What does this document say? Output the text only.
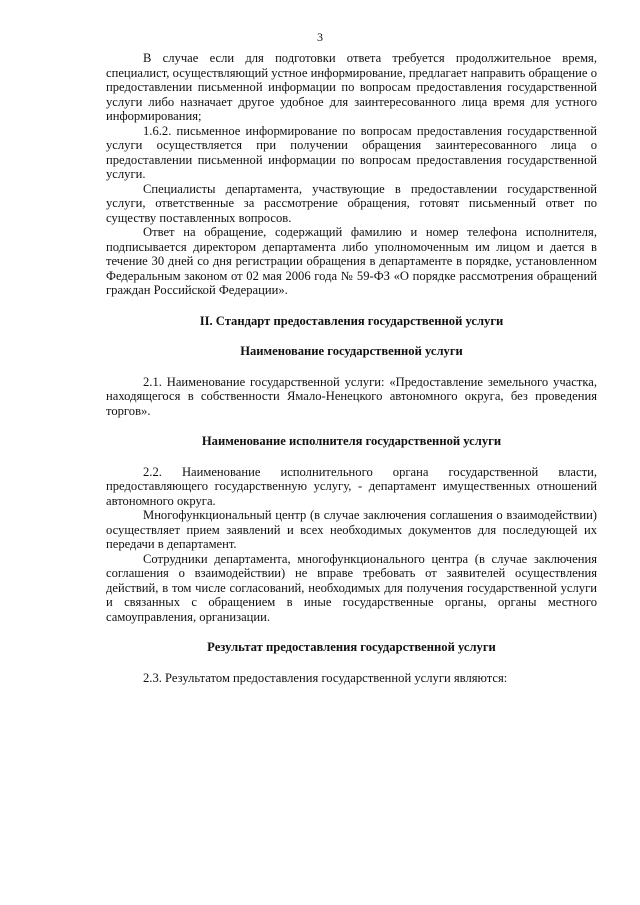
3

В случае если для подготовки ответа требуется продолжительное время, специалист, осуществляющий устное информирование, предлагает направить обращение о предоставлении письменной информации по вопросам предоставления государственной услуги либо назначает другое удобное для заинтересованного лица время для устного информирования;

1.6.2. письменное информирование по вопросам предоставления государственной услуги осуществляется при получении обращения заинтересованного лица о предоставлении письменной информации по вопросам предоставления государственной услуги.

Специалисты департамента, участвующие в предоставлении государственной услуги, ответственные за рассмотрение обращения, готовят письменный ответ по существу поставленных вопросов.

Ответ на обращение, содержащий фамилию и номер телефона исполнителя, подписывается директором департамента либо уполномоченным им лицом и дается в течение 30 дней со дня регистрации обращения в департаменте в порядке, установленном Федеральным законом от 02 мая 2006 года № 59-ФЗ «О порядке рассмотрения обращений граждан Российской Федерации».

II. Стандарт предоставления государственной услуги

Наименование государственной услуги

2.1. Наименование государственной услуги: «Предоставление земельного участка, находящегося в собственности Ямало-Ненецкого автономного округа, без проведения торгов».

Наименование исполнителя государственной услуги

2.2. Наименование исполнительного органа государственной власти, предоставляющего государственную услугу, - департамент имущественных отношений автономного округа.

Многофункциональный центр (в случае заключения соглашения о взаимодействии) осуществляет прием заявлений и всех необходимых документов для последующей их передачи в департамент.

Сотрудники департамента, многофункционального центра (в случае заключения соглашения о взаимодействии) не вправе требовать от заявителей осуществления действий, в том числе согласований, необходимых для получения государственной услуги и связанных с обращением в иные государственные органы, органы местного самоуправления, организации.

Результат предоставления государственной услуги

2.3. Результатом предоставления государственной услуги являются:
